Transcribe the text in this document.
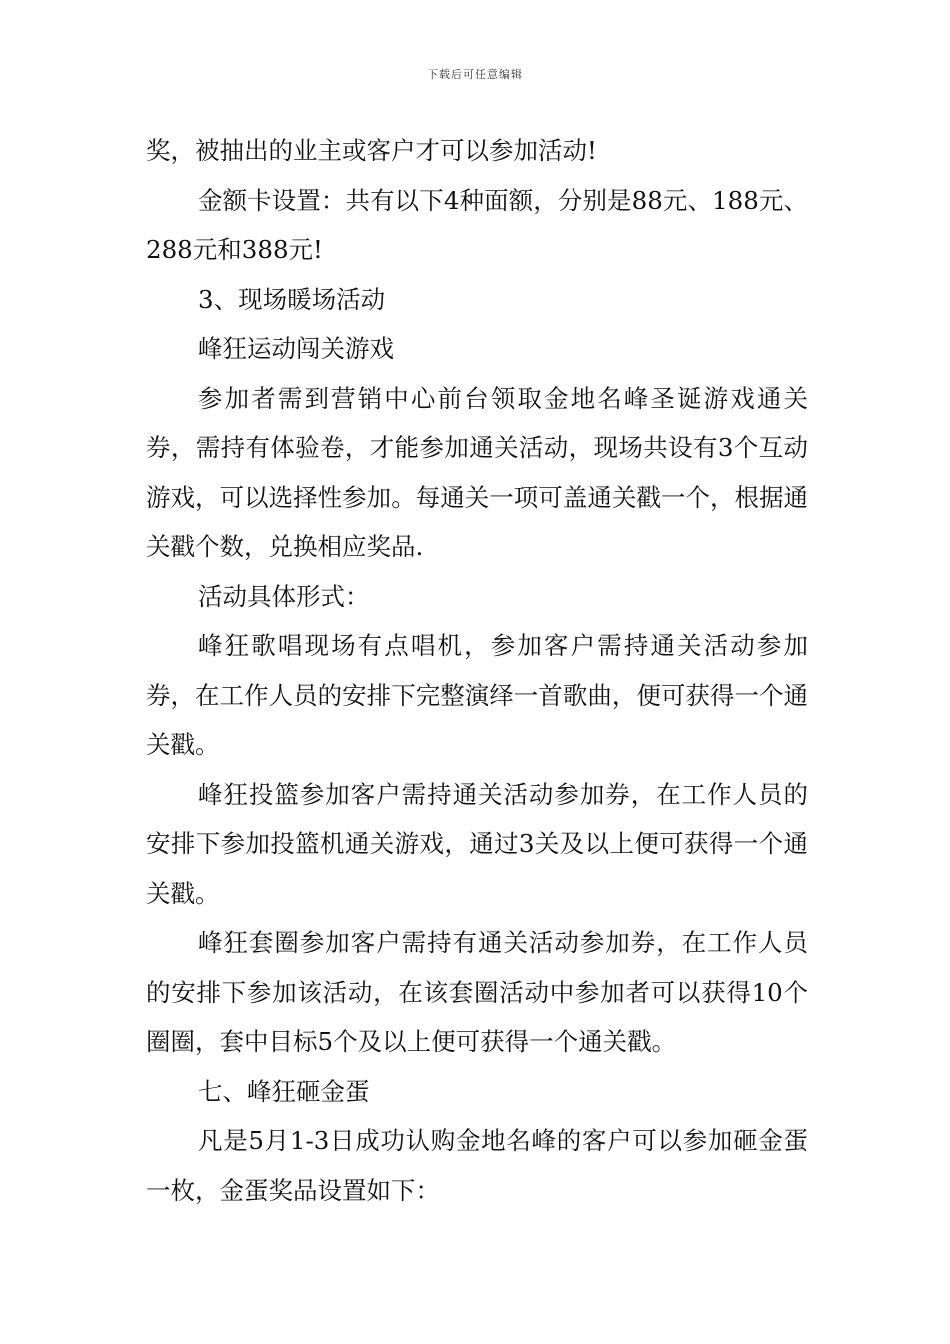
下载后可任意编辑

奖，被抽出的业主或客户才可以参加活动!

金额卡设置：共有以下4种面额，分别是88元、188元、288元和388元!

3、现场暖场活动

峰狂运动闯关游戏

参加者需到营销中心前台领取金地名峰圣诞游戏通关券，需持有体验卷，才能参加通关活动，现场共设有3个互动游戏，可以选择性参加。每通关一项可盖通关戳一个，根据通关戳个数，兑换相应奖品.

活动具体形式：

峰狂歌唱现场有点唱机，参加客户需持通关活动参加券，在工作人员的安排下完整演绎一首歌曲，便可获得一个通关戳。

峰狂投篮参加客户需持通关活动参加券，在工作人员的安排下参加投篮机通关游戏，通过3关及以上便可获得一个通关戳。

峰狂套圈参加客户需持有通关活动参加券，在工作人员的安排下参加该活动，在该套圈活动中参加者可以获得10个圈圈，套中目标5个及以上便可获得一个通关戳。

七、峰狂砸金蛋

凡是5月1-3日成功认购金地名峰的客户可以参加砸金蛋一枚，金蛋奖品设置如下：
